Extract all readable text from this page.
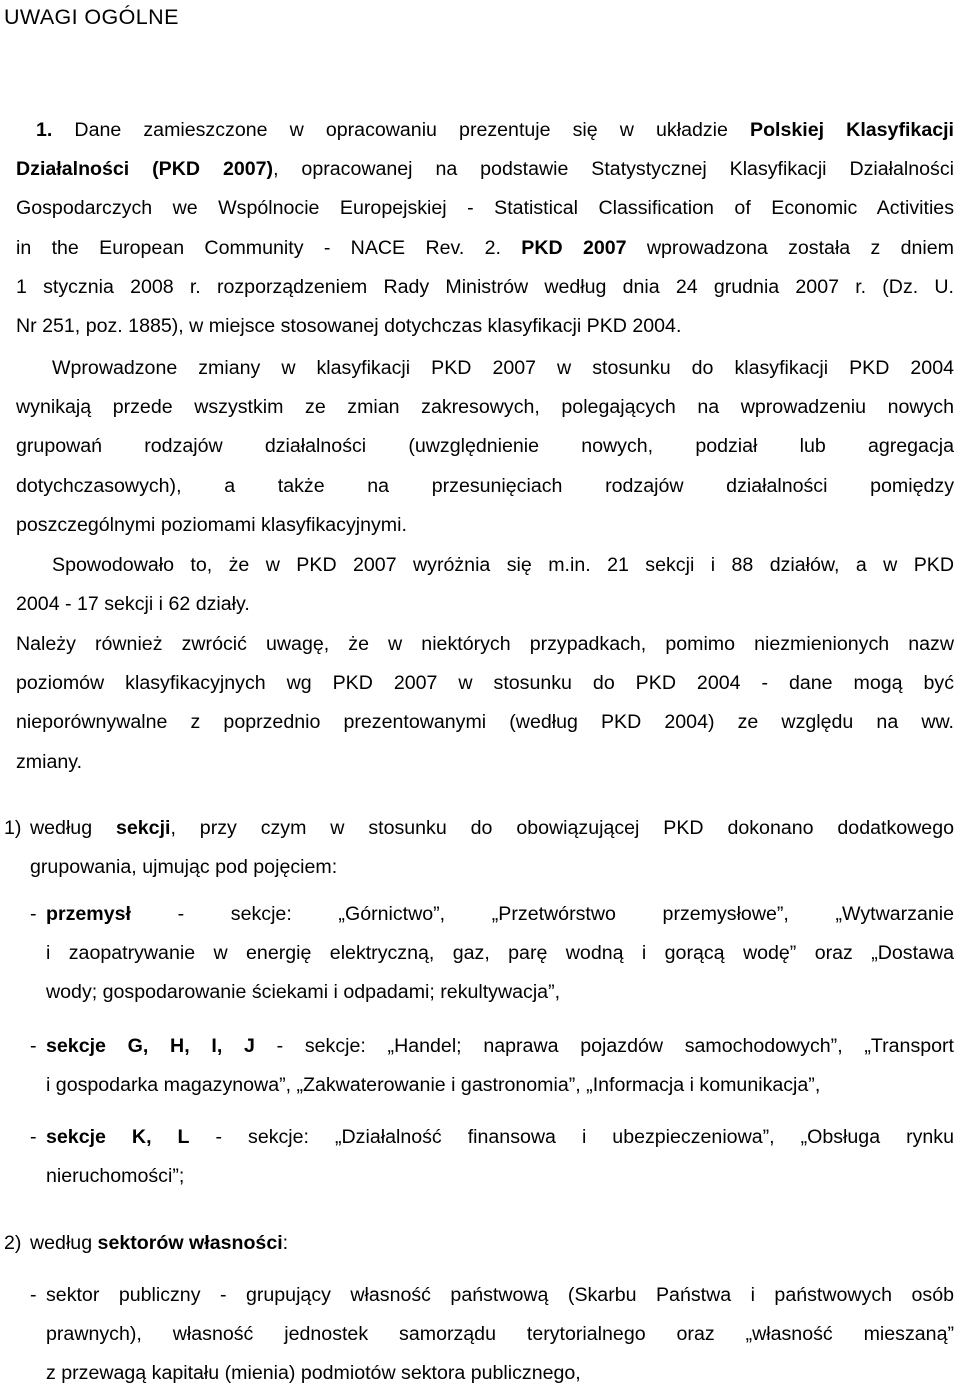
UWAGI OGÓLNE
1. Dane zamieszczone w opracowaniu prezentuje się w układzie Polskiej Klasyfikacji
Działalności (PKD 2007), opracowanej na podstawie Statystycznej Klasyfikacji Działalności
Gospodarczych we Wspólnocie Europejskiej - Statistical Classification of Economic Activities
in the European Community - NACE Rev. 2. PKD 2007 wprowadzona została z dniem
1 stycznia 2008 r. rozporządzeniem Rady Ministrów według dnia 24 grudnia 2007 r. (Dz. U.
Nr 251, poz. 1885), w miejsce stosowanej dotychczas klasyfikacji PKD 2004.
Wprowadzone zmiany w klasyfikacji PKD 2007 w stosunku do klasyfikacji PKD 2004
wynikają przede wszystkim ze zmian zakresowych, polegających na wprowadzeniu nowych
grupowań rodzajów działalności (uwzględnienie nowych, podział lub agregacja
dotychczasowych), a także na przesunięciach rodzajów działalności pomiędzy
poszczególnymi poziomami klasyfikacyjnymi.
Spowodowało to, że w PKD 2007 wyróżnia się m.in. 21 sekcji i 88 działów, a w PKD
2004 - 17 sekcji i 62 działy.
Należy również zwrócić uwagę, że w niektórych przypadkach, pomimo niezmienionych nazw
poziomów klasyfikacyjnych wg PKD 2007 w stosunku do PKD 2004 - dane mogą być
nieporównywalne z poprzednio prezentowanymi (według PKD 2004) ze względu na ww.
zmiany.
1) według sekcji, przy czym w stosunku do obowiązującej PKD dokonano dodatkowego
grupowania, ujmując pod pojęciem:
- przemysł - sekcje: „Górnictwo”, „Przetwórstwo przemysłowe”, „Wytwarzanie
i zaopatrywanie w energię elektryczną, gaz, parę wodną i gorącą wodę” oraz „Dostawa
wody; gospodarowanie ściekami i odpadami; rekultywacja”,
- sekcje G, H, I, J - sekcje: „Handel; naprawa pojazdów samochodowych”, „Transport
i gospodarka magazynowa”, „Zakwaterowanie i gastronomia”, „Informacja i komunikacja”,
- sekcje K, L - sekcje: „Działalność finansowa i ubezpieczeniowa”, „Obsługa rynku
nieruchomości”;
2) według sektorów własności:
- sektor publiczny - grupujący własność państwową (Skarbu Państwa i państwowych osób
prawnych), własność jednostek samorządu terytorialnego oraz „własność mieszaną”
z przewagą kapitału (mienia) podmiotów sektora publicznego,
